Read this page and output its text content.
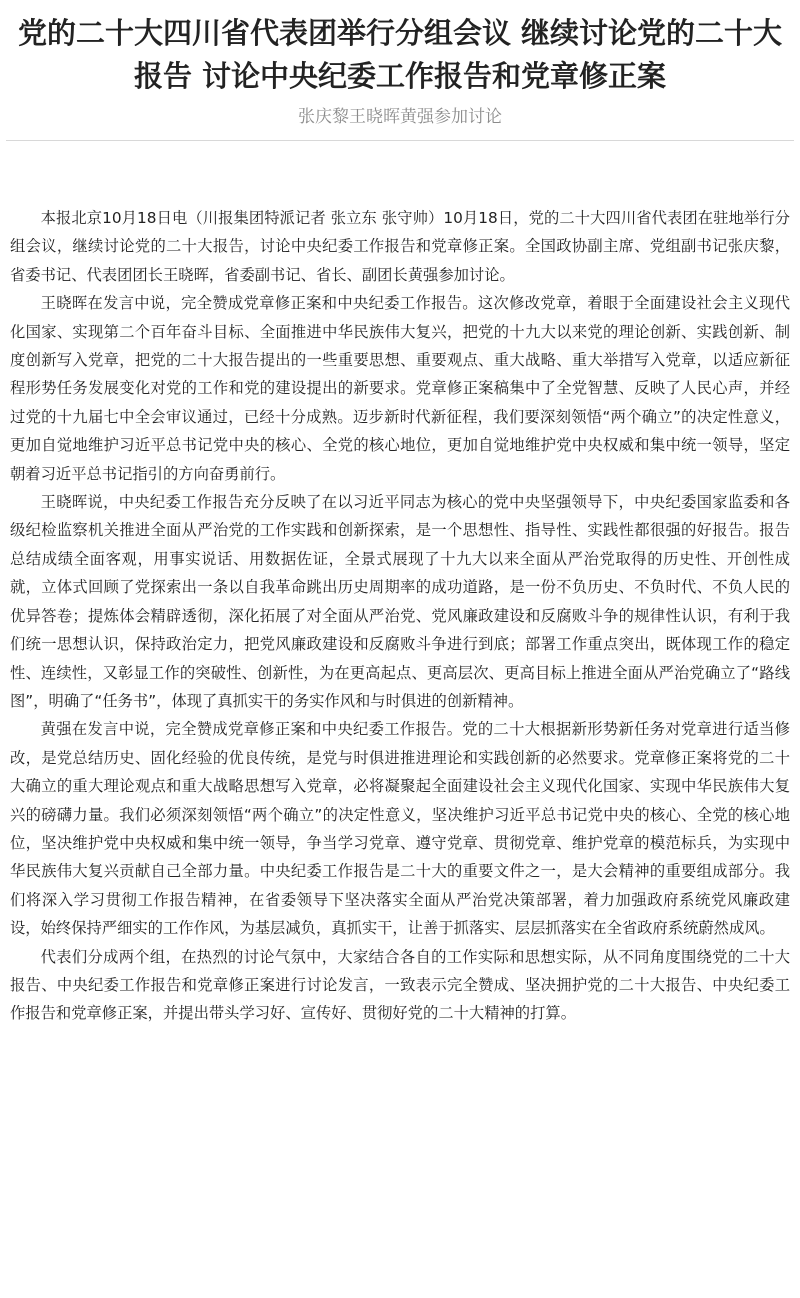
党的二十大四川省代表团举行分组会议 继续讨论党的二十大报告 讨论中央纪委工作报告和党章修正案
张庆黎王晓晖黄强参加讨论

本报北京10月18日电（川报集团特派记者 张立东 张守帅）10月18日，党的二十大四川省代表团在驻地举行分组会议，继续讨论党的二十大报告，讨论中央纪委工作报告和党章修正案。全国政协副主席、党组副书记张庆黎，省委书记、代表团团长王晓晖，省委副书记、省长、副团长黄强参加讨论。

王晓晖在发言中说，完全赞成党章修正案和中央纪委工作报告。这次修改党章，着眼于全面建设社会主义现代化国家、实现第二个百年奋斗目标、全面推进中华民族伟大复兴，把党的十九大以来党的理论创新、实践创新、制度创新写入党章，把党的二十大报告提出的一些重要思想、重要观点、重大战略、重大举措写入党章，以适应新征程形势任务发展变化对党的工作和党的建设提出的新要求。党章修正案稿集中了全党智慧、反映了人民心声，并经过党的十九届七中全会审议通过，已经十分成熟。迈步新时代新征程，我们要深刻领悟“两个确立”的决定性意义，更加自觉地维护习近平总书记党中央的核心、全党的核心地位，更加自觉地维护党中央权威和集中统一领导，坚定朝着习近平总书记指引的方向奋勇前行。

王晓晖说，中央纪委工作报告充分反映了在以习近平同志为核心的党中央坚强领导下，中央纪委国家监委和各级纪检监察机关推进全面从严治党的工作实践和创新探索，是一个思想性、指导性、实践性都很强的好报告。报告总结成绩全面客观，用事实说话、用数据佐证，全景式展现了十九大以来全面从严治党取得的历史性、开创性成就，立体式回顾了党探索出一条以自我革命跳出历史周期率的成功道路，是一份不负历史、不负时代、不负人民的优异答卷；提炼体会精辟透彻，深化拓展了对全面从严治党、党风廉政建设和反腐败斗争的规律性认识，有利于我们统一思想认识，保持政治定力，把党风廉政建设和反腐败斗争进行到底；部署工作重点突出，既体现工作的稳定性、连续性，又彰显工作的突破性、创新性，为在更高起点、更高层次、更高目标上推进全面从严治党确立了“路线图”，明确了“任务书”，体现了真抓实干的务实作风和与时俱进的创新精神。

黄强在发言中说，完全赞成党章修正案和中央纪委工作报告。党的二十大根据新形势新任务对党章进行适当修改，是党总结历史、固化经验的优良传统，是党与时俱进推进理论和实践创新的必然要求。党章修正案将党的二十大确立的重大理论观点和重大战略思想写入党章，必将凝聚起全面建设社会主义现代化国家、实现中华民族伟大复兴的磅礴力量。我们必须深刻领悟“两个确立”的决定性意义，坚决维护习近平总书记党中央的核心、全党的核心地位，坚决维护党中央权威和集中统一领导，争当学习党章、遵守党章、贯彻党章、维护党章的模范标兵，为实现中华民族伟大复兴贡献自己全部力量。中央纪委工作报告是二十大的重要文件之一，是大会精神的重要组成部分。我们将深入学习贯彻工作报告精神，在省委领导下坚决落实全面从严治党决策部署，着力加强政府系统党风廉政建设，始终保持严细实的工作作风，为基层减负，真抓实干，让善于抓落实、层层抓落实在全省政府系统蔚然成风。

代表们分成两个组，在热烈的讨论气氛中，大家结合各自的工作实际和思想实际，从不同角度围绕党的二十大报告、中央纪委工作报告和党章修正案进行讨论发言，一致表示完全赞成、坚决拥护党的二十大报告、中央纪委工作报告和党章修正案，并提出带头学习好、宣传好、贯彻好党的二十大精神的打算。
